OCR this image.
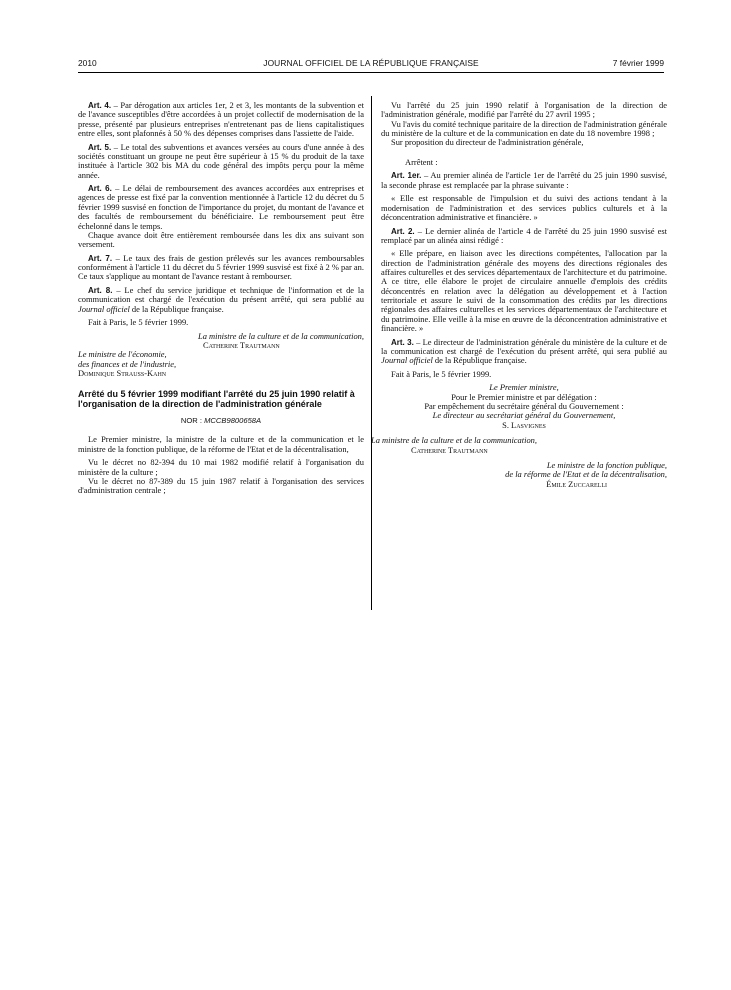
2010	JOURNAL OFFICIEL DE LA RÉPUBLIQUE FRANÇAISE	7 février 1999

Art. 4. – Par dérogation aux articles 1er, 2 et 3, les montants de la subvention et de l'avance susceptibles d'être accordées à un projet collectif de modernisation de la presse, présenté par plusieurs entreprises n'entretenant pas de liens capitalistiques entre elles, sont plafonnés à 50 % des dépenses comprises dans l'assiette de l'aide.

Art. 5. – Le total des subventions et avances versées au cours d'une année à des sociétés constituant un groupe ne peut être supérieur à 15 % du produit de la taxe instituée à l'article 302 bis MA du code général des impôts perçu pour la même année.

Art. 6. – Le délai de remboursement des avances accordées aux entreprises et agences de presse est fixé par la convention mentionnée à l'article 12 du décret du 5 février 1999 susvisé en fonction de l'importance du projet, du montant de l'avance et des facultés de remboursement du bénéficiaire. Le remboursement peut être échelonné dans le temps.

Chaque avance doit être entièrement remboursée dans les dix ans suivant son versement.

Art. 7. – Le taux des frais de gestion prélevés sur les avances remboursables conformément à l'article 11 du décret du 5 février 1999 susvisé est fixé à 2 % par an. Ce taux s'applique au montant de l'avance restant à rembourser.

Art. 8. – Le chef du service juridique et technique de l'information et de la communication est chargé de l'exécution du présent arrêté, qui sera publié au Journal officiel de la République française.

Fait à Paris, le 5 février 1999.

La ministre de la culture et de la communication,

Catherine Trautmann

Le ministre de l'économie,

des finances et de l'industrie,

Dominique Strauss-Kahn

Arrêté du 5 février 1999 modifiant l'arrêté du 25 juin 1990 relatif à l'organisation de la direction de l'administration générale

NOR : MCCB9800658A

Le Premier ministre, la ministre de la culture et de la communication et le ministre de la fonction publique, de la réforme de l'Etat et de la décentralisation,

Vu le décret no 82-394 du 10 mai 1982 modifié relatif à l'organisation du ministère de la culture ;

Vu le décret no 87-389 du 15 juin 1987 relatif à l'organisation des services d'administration centrale ;

Vu l'arrêté du 25 juin 1990 relatif à l'organisation de la direction de l'administration générale, modifié par l'arrêté du 27 avril 1995 ;

Vu l'avis du comité technique paritaire de la direction de l'administration générale du ministère de la culture et de la communication en date du 18 novembre 1998 ;

Sur proposition du directeur de l'administration générale,

Arrêtent :

Art. 1er. – Au premier alinéa de l'article 1er de l'arrêté du 25 juin 1990 susvisé, la seconde phrase est remplacée par la phrase suivante :

« Elle est responsable de l'impulsion et du suivi des actions tendant à la modernisation de l'administration et des services publics culturels et à la déconcentration administrative et financière. »

Art. 2. – Le dernier alinéa de l'article 4 de l'arrêté du 25 juin 1990 susvisé est remplacé par un alinéa ainsi rédigé :

« Elle prépare, en liaison avec les directions compétentes, l'allocation par la direction de l'administration générale des moyens des directions régionales des affaires culturelles et des services départementaux de l'architecture et du patrimoine. A ce titre, elle élabore le projet de circulaire annuelle d'emplois des crédits déconcentrés en relation avec la délégation au développement et à l'action territoriale et assure le suivi de la consommation des crédits par les directions régionales des affaires culturelles et les services départementaux de l'architecture et du patrimoine. Elle veille à la mise en œuvre de la déconcentration administrative et financière. »

Art. 3. – Le directeur de l'administration générale du ministère de la culture et de la communication est chargé de l'exécution du présent arrêté, qui sera publié au Journal officiel de la République française.

Fait à Paris, le 5 février 1999.

Le Premier ministre,

Pour le Premier ministre et par délégation :

Par empêchement du secrétaire général du Gouvernement :

Le directeur au secrétariat général du Gouvernement,

S. Lasvignes

La ministre de la culture et de la communication,

Catherine Trautmann

Le ministre de la fonction publique,

de la réforme de l'Etat et de la décentralisation,

Émile Zuccarelli
